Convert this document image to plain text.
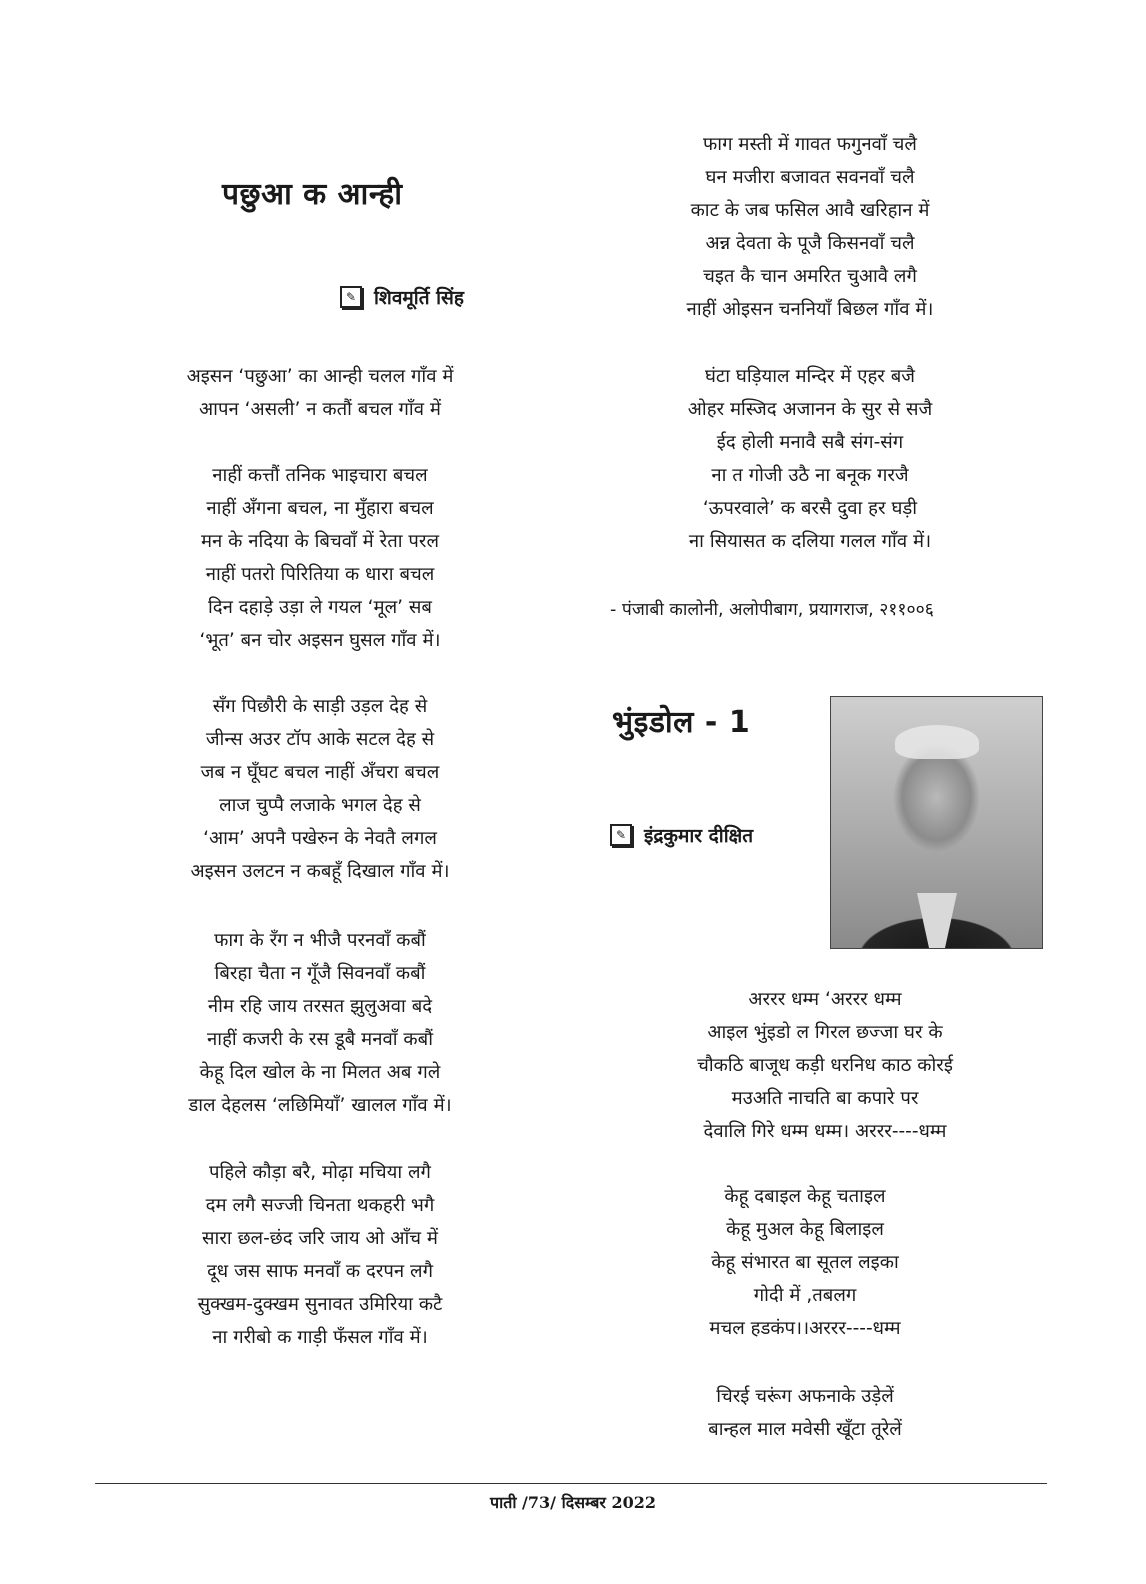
पछुआ क आन्ही
✎ शिवमूर्ति सिंह
अइसन ‘पछुआ’ का आन्ही चलल गाँव में
आपन ‘असली’ न कतौं बचल गाँव में
नाहीं कत्तौं तनिक भाइचारा बचल
नाहीं अँगना बचल, ना मुँहारा बचल
मन के नदिया के बिचवाँ में रेता परल
नाहीं पतरो पिरितिया क धारा बचल
दिन दहाड़े उड़ा ले गयल ‘मूल’ सब
‘भूत’ बन चोर अइसन घुसल गाँव में।
सँग पिछौरी के साड़ी उड़ल देह से
जीन्स अउर टॉप आके सटल देह से
जब न घूँघट बचल नाहीं अँचरा बचल
लाज चुप्पै लजाके भगल देह से
‘आम’ अपनै पखेरुन के नेवतै लगल
अइसन उलटन न कबहूँ दिखाल गाँव में।
फाग के रँग न भीजै परनवाँ कबौं
बिरहा चैता न गूँजै सिवनवाँ कबौं
नीम रहि जाय तरसत झुलुअवा बदे
नाहीं कजरी के रस डूबै मनवाँ कबौं
केहू दिल खोल के ना मिलत अब गले
डाल देहलस ‘लछिमियाँ’ खालल गाँव में।
पहिले कौड़ा बरै, मोढ़ा मचिया लगै
दम लगै सज्जी चिनता थकहरी भगै
सारा छल-छंद जरि जाय ओ आँच में
दूध जस साफ मनवाँ क दरपन लगै
सुक्खम-दुक्खम सुनावत उमिरिया कटै
ना गरीबो क गाड़ी फँसल गाँव में।
फाग मस्ती में गावत फगुनवाँ चलै
घन मजीरा बजावत सवनवाँ चलै
काट के जब फसिल आवै खरिहान में
अन्न देवता के पूजै किसनवाँ चलै
चइत कै चान अमरित चुआवै लगै
नाहीं ओइसन चननियाँ बिछल गाँव में।
घंटा घड़ियाल मन्दिर में एहर बजै
ओहर मस्जिद अजानन के सुर से सजै
ईद होली मनावै सबै संग-संग
ना त गोजी उठै ना बनूक गरजै
‘ऊपरवाले’ क बरसै दुवा हर घड़ी
ना सियासत क दलिया गलल गाँव में।
- पंजाबी कालोनी, अलोपीबाग, प्रयागराज, २११००६
भुंइडोल - 1
✎ इंद्रकुमार दीक्षित
अररर धम्म ‘अररर धम्म
आइल भुंइडो ल गिरल छज्जा घर के
चौकठि बाजूध कड़ी धरनिध काठ कोरई
मउअति नाचति बा कपारे पर
देवालि गिरे धम्म धम्म। अररर----धम्म
केहू दबाइल केहू चताइल
केहू मुअल केहू बिलाइल
केहू संभारत बा सूतल लइका
गोदी में ,तबलग
मचल हडकंप।।अररर----धम्म
चिरई चरूंग अफनाके उड़ेलें
बान्हल माल मवेसी खूँटा तूरेलें
पाती /73/ दिसम्बर 2022
